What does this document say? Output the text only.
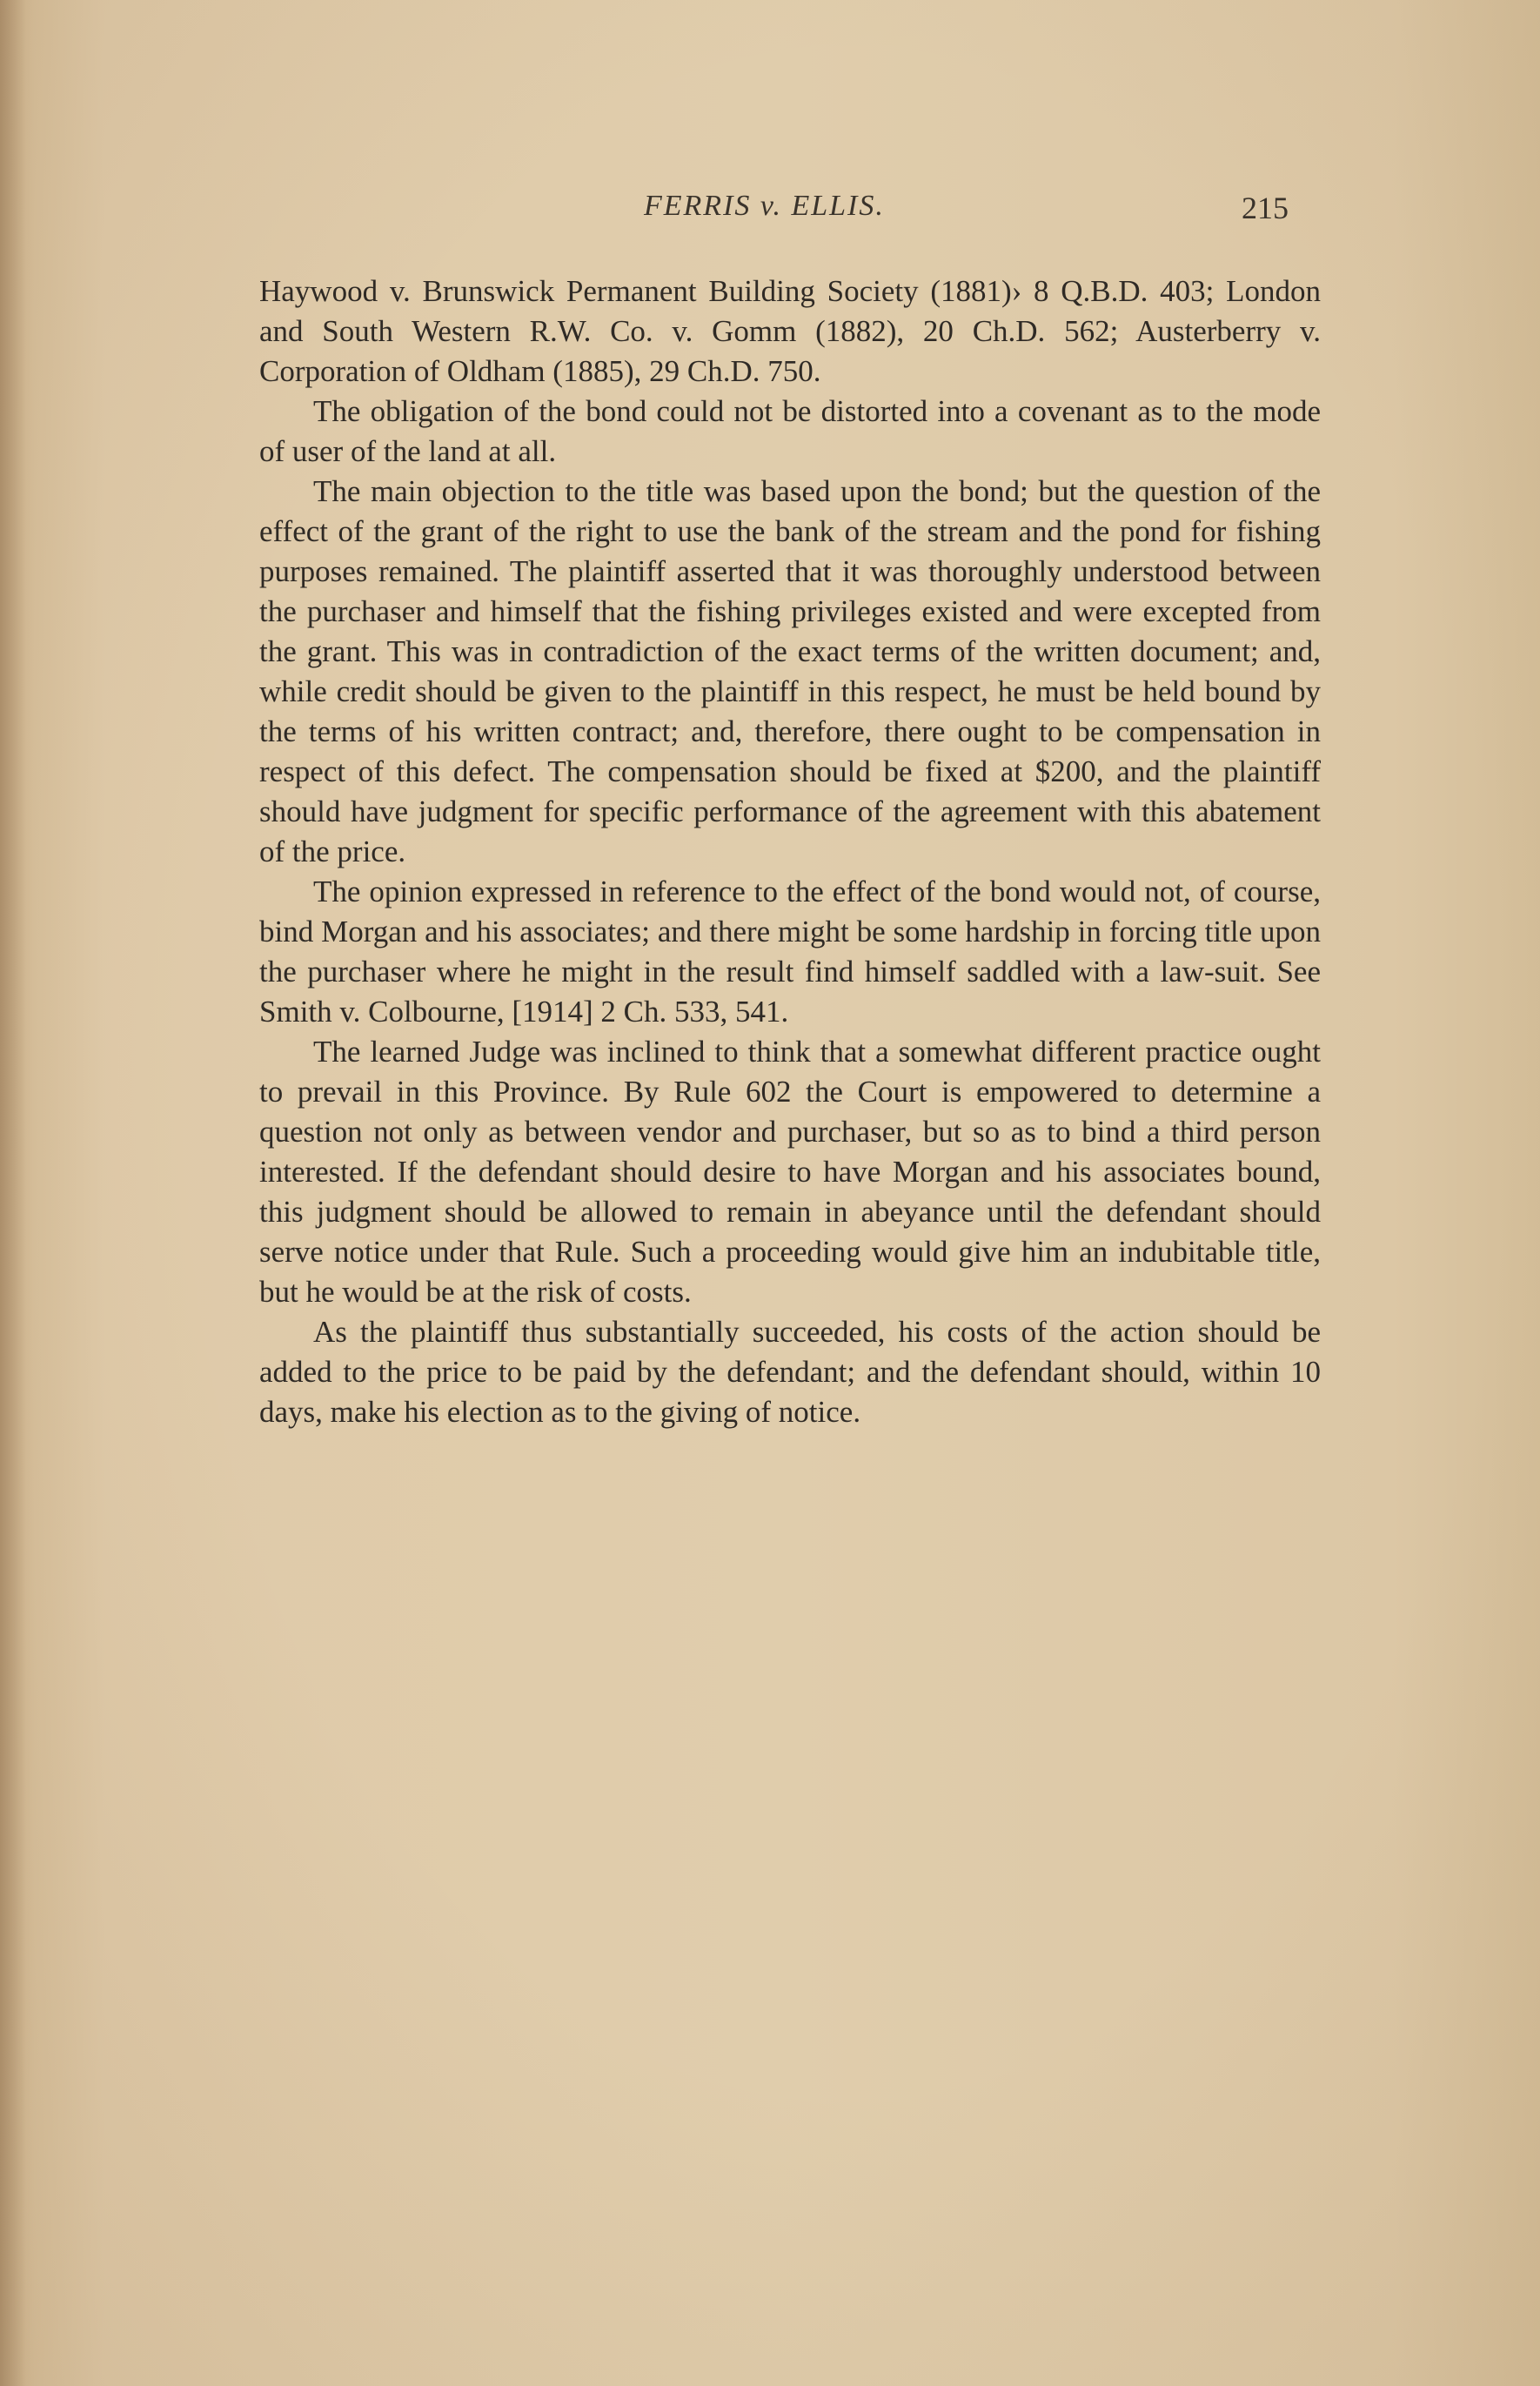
FERRIS v. ELLIS.	215

Haywood v. Brunswick Permanent Building Society (1881)› 8 Q.B.D. 403; London and South Western R.W. Co. v. Gomm (1882), 20 Ch.D. 562; Austerberry v. Corporation of Oldham (1885), 29 Ch.D. 750.

The obligation of the bond could not be distorted into a covenant as to the mode of user of the land at all.

The main objection to the title was based upon the bond; but the question of the effect of the grant of the right to use the bank of the stream and the pond for fishing purposes remained. The plaintiff asserted that it was thoroughly understood between the purchaser and himself that the fishing privileges existed and were excepted from the grant. This was in contradiction of the exact terms of the written document; and, while credit should be given to the plaintiff in this respect, he must be held bound by the terms of his written contract; and, therefore, there ought to be compensation in respect of this defect. The compensation should be fixed at $200, and the plaintiff should have judgment for specific performance of the agreement with this abatement of the price.

The opinion expressed in reference to the effect of the bond would not, of course, bind Morgan and his associates; and there might be some hardship in forcing title upon the purchaser where he might in the result find himself saddled with a law-suit. See Smith v. Colbourne, [1914] 2 Ch. 533, 541.

The learned Judge was inclined to think that a somewhat different practice ought to prevail in this Province. By Rule 602 the Court is empowered to determine a question not only as between vendor and purchaser, but so as to bind a third person interested. If the defendant should desire to have Morgan and his associates bound, this judgment should be allowed to remain in abeyance until the defendant should serve notice under that Rule. Such a proceeding would give him an indubitable title, but he would be at the risk of costs.

As the plaintiff thus substantially succeeded, his costs of the action should be added to the price to be paid by the defendant; and the defendant should, within 10 days, make his election as to the giving of notice.
